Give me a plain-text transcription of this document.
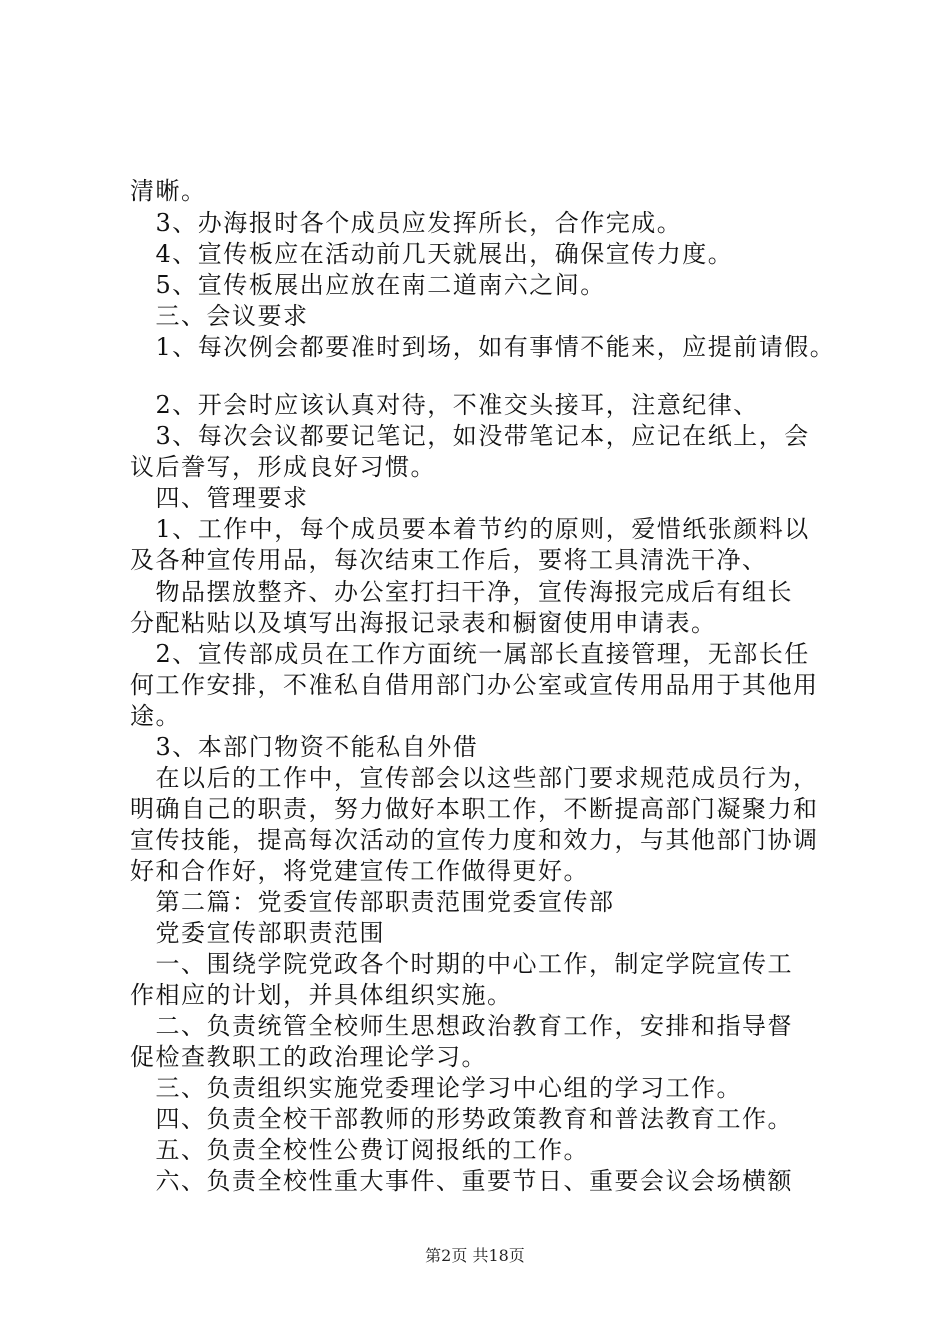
清晰。
　3、办海报时各个成员应发挥所长，合作完成。
　4、宣传板应在活动前几天就展出，确保宣传力度。
　5、宣传板展出应放在南二道南六之间。
　三、会议要求
　1、每次例会都要准时到场，如有事情不能来，应提前请假。
　2、开会时应该认真对待，不准交头接耳，注意纪律、
　3、每次会议都要记笔记，如没带笔记本，应记在纸上，会
议后誊写，形成良好习惯。
　四、管理要求
　1、工作中，每个成员要本着节约的原则，爱惜纸张颜料以
及各种宣传用品，每次结束工作后，要将工具清洗干净、
　物品摆放整齐、办公室打扫干净，宣传海报完成后有组长
分配粘贴以及填写出海报记录表和橱窗使用申请表。
　2、宣传部成员在工作方面统一属部长直接管理，无部长任
何工作安排，不准私自借用部门办公室或宣传用品用于其他用
途。
　3、本部门物资不能私自外借
　在以后的工作中，宣传部会以这些部门要求规范成员行为，
明确自己的职责，努力做好本职工作，不断提高部门凝聚力和
宣传技能，提高每次活动的宣传力度和效力，与其他部门协调
好和合作好，将党建宣传工作做得更好。
　第二篇：党委宣传部职责范围党委宣传部
　党委宣传部职责范围
　一、围绕学院党政各个时期的中心工作，制定学院宣传工
作相应的计划，并具体组织实施。
　二、负责统管全校师生思想政治教育工作，安排和指导督
促检查教职工的政治理论学习。
　三、负责组织实施党委理论学习中心组的学习工作。
　四、负责全校干部教师的形势政策教育和普法教育工作。
　五、负责全校性公费订阅报纸的工作。
　六、负责全校性重大事件、重要节日、重要会议会场横额
第2页 共18页
